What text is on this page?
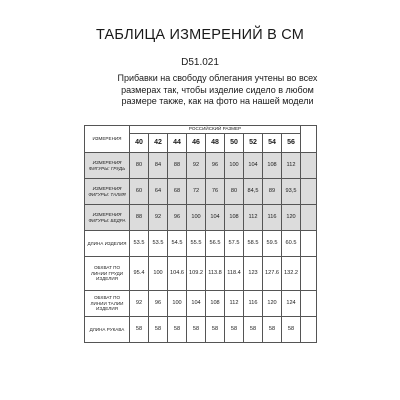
ТАБЛИЦА ИЗМЕРЕНИЙ В СМ
D51.021
Прибавки на свободу облегания учтены во всех размерах так, чтобы изделие сидело в любом размере также, как на фото на нашей модели
ИЗМЕРЕНИЯ	РОССИЙСКИЙ РАЗМЕР									
	40	42	44	46	48	50	52	54	56	
ИЗМЕРЕНИЯ ФИГУРЫ: ГРУДЬ	80	84	88	92	96	100	104	108	112	
ИЗМЕРЕНИЯ ФИГУРЫ: ТАЛИЯ	60	64	68	72	76	80	84,5	89	93,5	
ИЗМЕРЕНИЯ ФИГУРЫ: БЕДРА	88	92	96	100	104	108	112	116	120	
ДЛИНА ИЗДЕЛИЯ	53.5	53.5	54.5	55.5	56.5	57.5	58.5	59.5	60.5	
ОБХВАТ ПО ЛИНИИ ГРУДИ ИЗДЕЛИЯ	95.4	100	104.6	109.2	113.8	118.4	123	127.6	132.2	
ОБХВАТ ПО ЛИНИИ ТАЛИИ ИЗДЕЛИЯ	92	96	100	104	108	112	116	120	124	
ДЛИНА РУКАВА	58	58	58	58	58	58	58	58	58	
